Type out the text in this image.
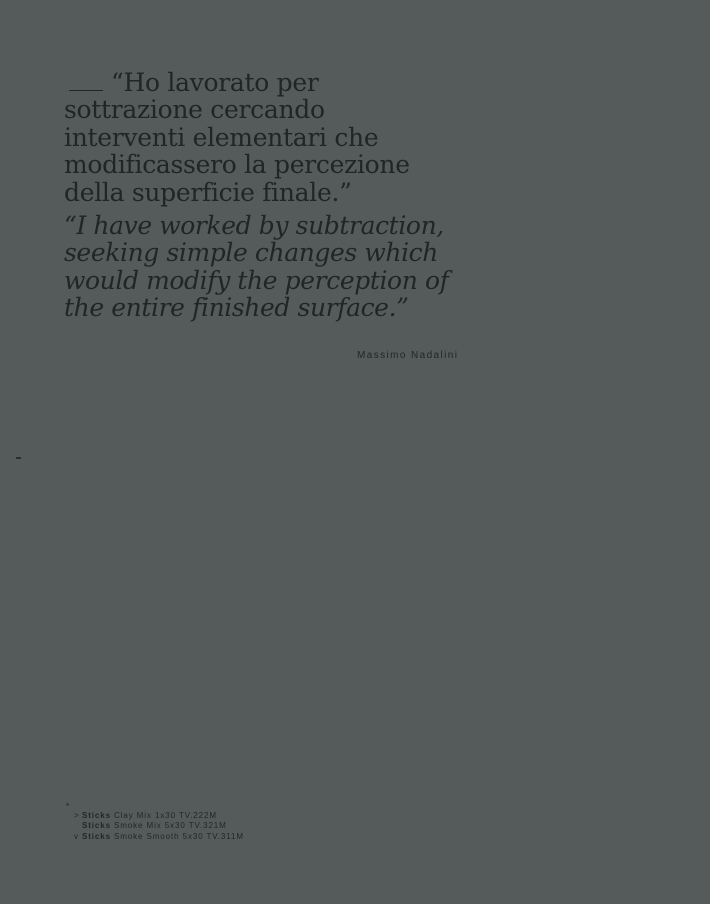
“Ho lavorato per
sottrazione cercando
interventi elementari che
modificassero la percezione
della superficie finale.”
“I have worked by subtraction,
seeking simple changes which
would modify the perception of
the entire finished surface.”
Massimo Nadalini
> Sticks Clay Mix 1x30 TV.222M
Sticks Smoke Mix 5x30 TV.321M
v Sticks Smoke Smooth 5x30 TV.311M
